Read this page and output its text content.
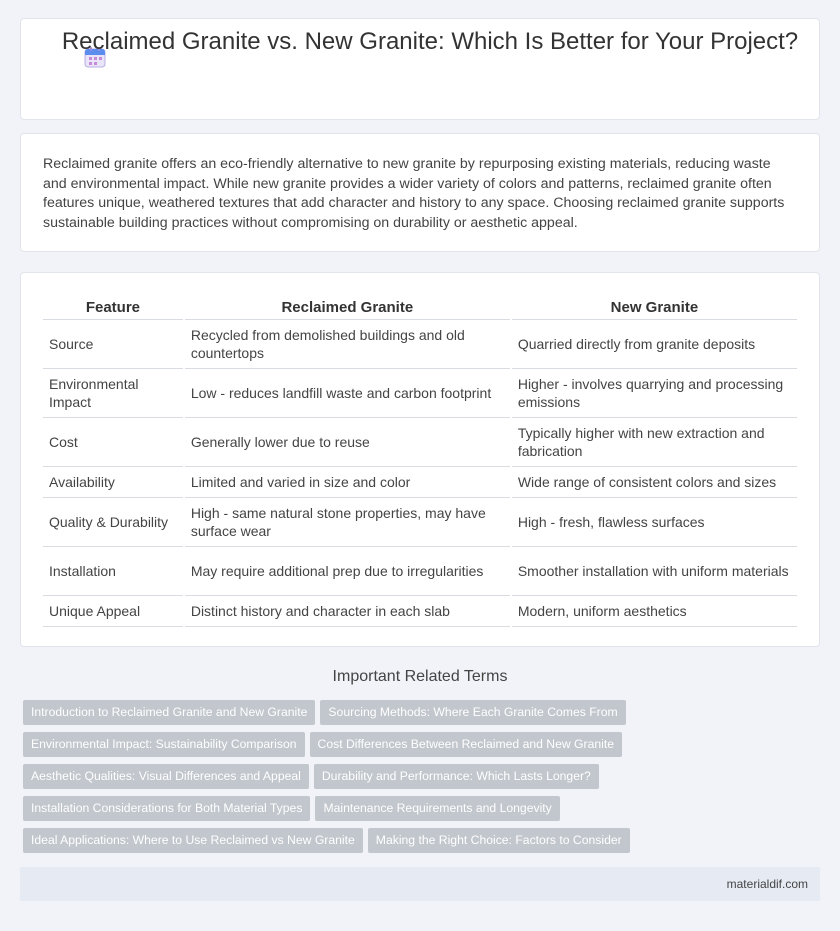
Reclaimed Granite vs. New Granite: Which Is Better for Your Project?
Reclaimed granite offers an eco-friendly alternative to new granite by repurposing existing materials, reducing waste and environmental impact. While new granite provides a wider variety of colors and patterns, reclaimed granite often features unique, weathered textures that add character and history to any space. Choosing reclaimed granite supports sustainable building practices without compromising on durability or aesthetic appeal.
Feature	Reclaimed Granite	New Granite
Source	Recycled from demolished buildings and old countertops	Quarried directly from granite deposits
Environmental Impact	Low - reduces landfill waste and carbon footprint	Higher - involves quarrying and processing emissions
Cost	Generally lower due to reuse	Typically higher with new extraction and fabrication
Availability	Limited and varied in size and color	Wide range of consistent colors and sizes
Quality & Durability	High - same natural stone properties, may have surface wear	High - fresh, flawless surfaces
Installation	May require additional prep due to irregularities	Smoother installation with uniform materials
Unique Appeal	Distinct history and character in each slab	Modern, uniform aesthetics
Important Related Terms
Introduction to Reclaimed Granite and New Granite Sourcing Methods: Where Each Granite Comes From
Environmental Impact: Sustainability Comparison Cost Differences Between Reclaimed and New Granite
Aesthetic Qualities: Visual Differences and Appeal Durability and Performance: Which Lasts Longer?
Installation Considerations for Both Material Types Maintenance Requirements and Longevity
Ideal Applications: Where to Use Reclaimed vs New Granite Making the Right Choice: Factors to Consider
materialdif.com
